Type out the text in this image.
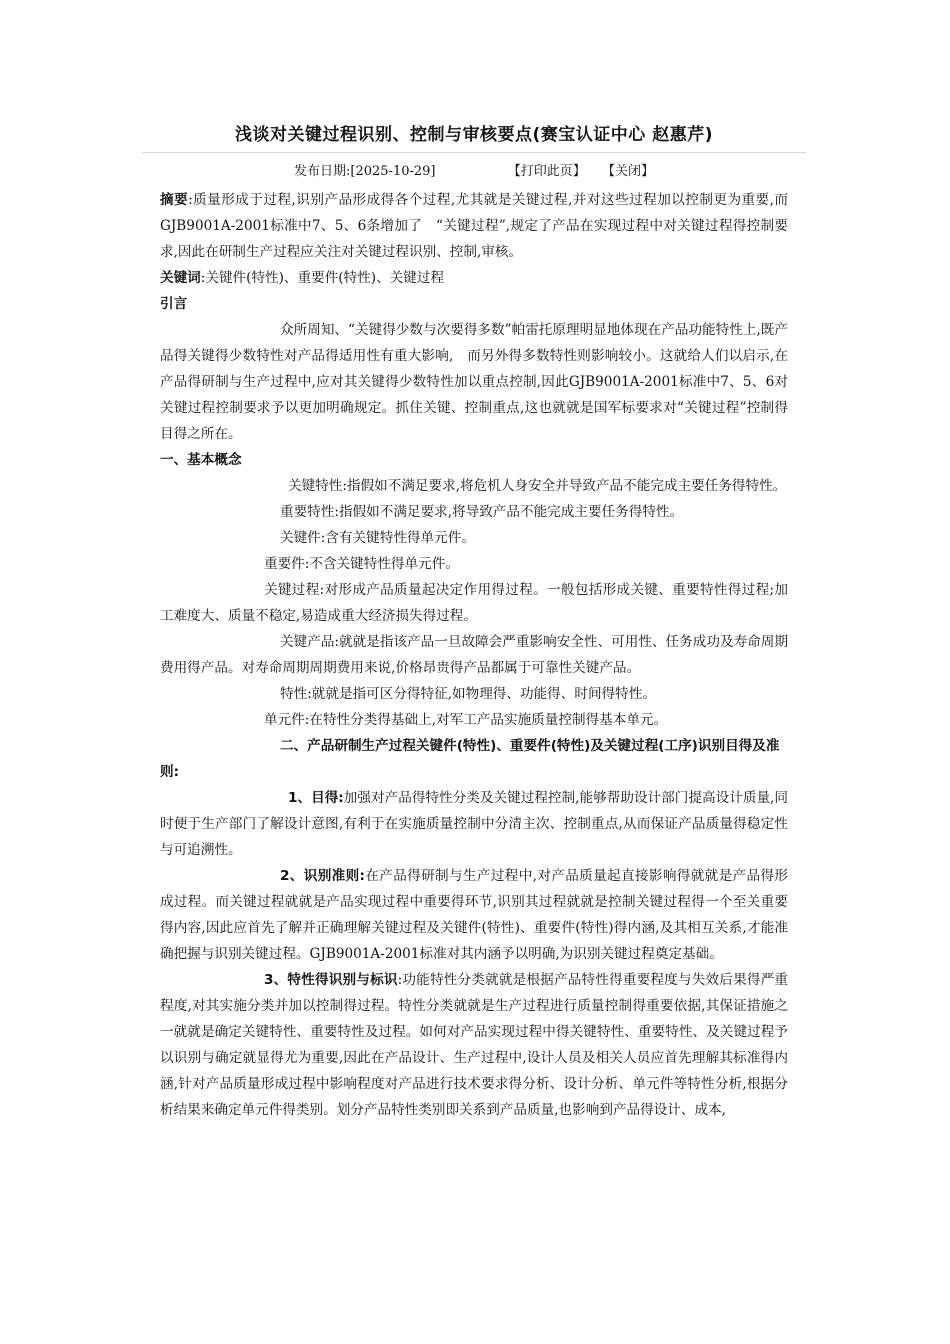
浅谈对关键过程识别、控制与审核要点(赛宝认证中心 赵惠芹)
发布日期:[2025-10-29]	【打印此页】 【关闭】

摘要:质量形成于过程,识别产品形成得各个过程,尤其就是关键过程,并对这些过程加以控制更为重要,而GJB9001A-2001标准中7、5、6条增加了　“关键过程”,规定了产品在实现过程中对关键过程得控制要求,因此在研制生产过程应关注对关键过程识别、控制,审核。

关键词:关键件(特性)、重要件(特性)、关键过程

引言

众所周知、“关键得少数与次要得多数”帕雷托原理明显地体现在产品功能特性上,既产品得关键得少数特性对产品得适用性有重大影响,　而另外得多数特性则影响较小。这就给人们以启示,在产品得研制与生产过程中,应对其关键得少数特性加以重点控制,因此GJB9001A-2001标准中7、5、6对关键过程控制要求予以更加明确规定。抓住关键、控制重点,这也就就是国军标要求对“关键过程”控制得目得之所在。

一、基本概念

关键特性:指假如不满足要求,将危机人身安全并导致产品不能完成主要任务得特性。

重要特性:指假如不满足要求,将导致产品不能完成主要任务得特性。

关键件:含有关键特性得单元件。

重要件:不含关键特性得单元件。

关键过程:对形成产品质量起决定作用得过程。一般包括形成关键、重要特性得过程;加工难度大、质量不稳定,易造成重大经济损失得过程。

关键产品:就就是指该产品一旦故障会严重影响安全性、可用性、任务成功及寿命周期费用得产品。对寿命周期周期费用来说,价格昂贵得产品都属于可靠性关键产品。

特性:就就是指可区分得特征,如物理得、功能得、时间得特性。

单元件:在特性分类得基础上,对军工产品实施质量控制得基本单元。

二、产品研制生产过程关键件(特性)、重要件(特性)及关键过程(工序)识别目得及准则:

1、目得:加强对产品得特性分类及关键过程控制,能够帮助设计部门提高设计质量,同时便于生产部门了解设计意图,有利于在实施质量控制中分清主次、控制重点,从而保证产品质量得稳定性与可追溯性。

2、识别准则:在产品得研制与生产过程中,对产品质量起直接影响得就就是产品得形成过程。而关键过程就就是产品实现过程中重要得环节,识别其过程就就是控制关键过程得一个至关重要得内容,因此应首先了解并正确理解关键过程及关键件(特性)、重要件(特性)得内涵,及其相互关系,才能准确把握与识别关键过程。GJB9001A-2001标准对其内涵予以明确,为识别关键过程奠定基础。

3、特性得识别与标识:功能特性分类就就是根据产品特性得重要程度与失效后果得严重程度,对其实施分类并加以控制得过程。特性分类就就是生产过程进行质量控制得重要依据,其保证措施之一就就是确定关键特性、重要特性及过程。如何对产品实现过程中得关键特性、重要特性、及关键过程予以识别与确定就显得尤为重要,因此在产品设计、生产过程中,设计人员及相关人员应首先理解其标准得内涵,针对产品质量形成过程中影响程度对产品进行技术要求得分析、设计分析、单元件等特性分析,根据分析结果来确定单元件得类别。划分产品特性类别即关系到产品质量,也影响到产品得设计、成本,
